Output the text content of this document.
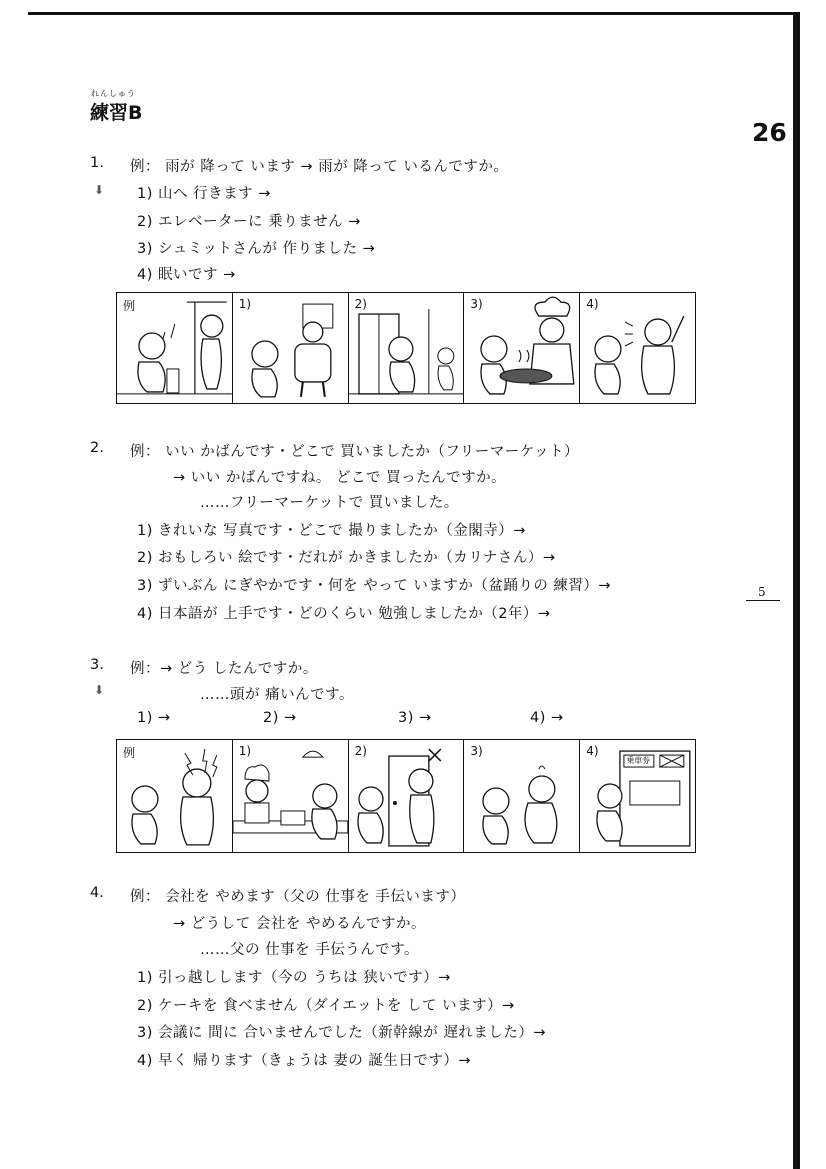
れんしゅう
練習B
26
5
1. 例： 雨が 降って います → 雨が 降って いるんですか。
⬇ 1) 山へ 行きます →
2) エレベーターに 乗りません →
3) シュミットさんが 作りました →
4) 眠いです →
例	1)	2)	3)	4)
2. 例： いい かばんです・どこで 買いましたか（フリーマーケット）
→ いい かばんですね。 どこで 買ったんですか。
……フリーマーケットで 買いました。
1) きれいな 写真です・どこで 撮りましたか（金閣寺）→
2) おもしろい 絵です・だれが かきましたか（カリナさん）→
3) ずいぶん にぎやかです・何を やって いますか（盆踊りの 練習）→
4) 日本語が 上手です・どのくらい 勉強しましたか（2年）→
3. 例：→ どう したんですか。
⬇	……頭が 痛いんです。
1) →	2) →	3) →	4) →
例	1)	2)	3)	4)
乗車券
4. 例： 会社を やめます（父の 仕事を 手伝います）
→ どうして 会社を やめるんですか。
……父の 仕事を 手伝うんです。
1) 引っ越しします（今の うちは 狭いです）→
2) ケーキを 食べません（ダイエットを して います）→
3) 会議に 間に 合いませんでした（新幹線が 遅れました）→
4) 早く 帰ります（きょうは 妻の 誕生日です）→
